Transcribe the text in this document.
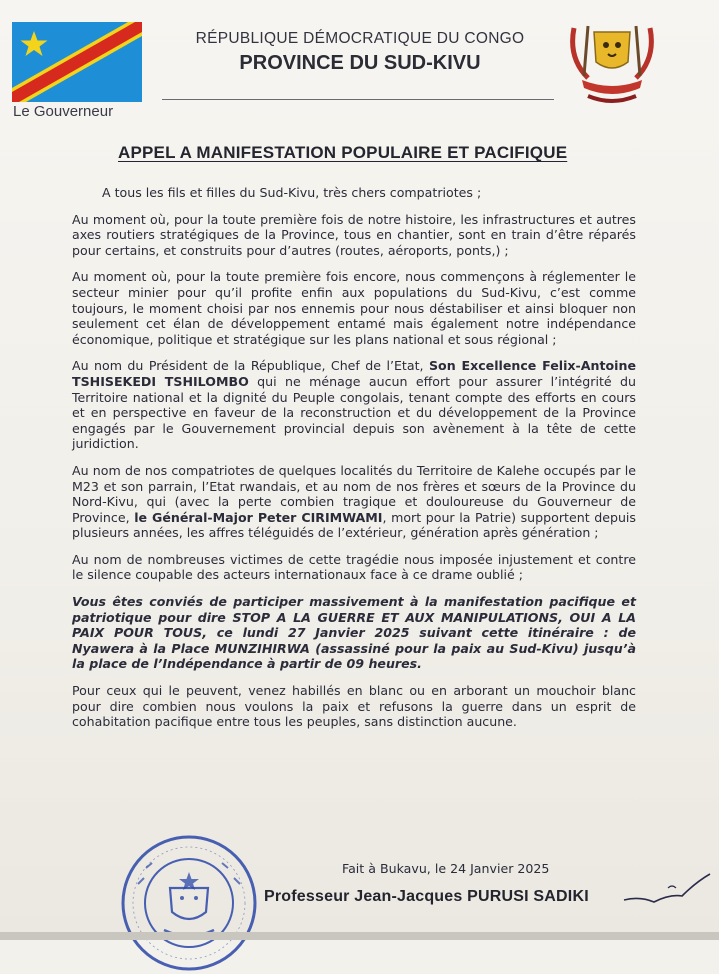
Le Gouverneur
RÉPUBLIQUE DÉMOCRATIQUE DU CONGO
PROVINCE DU SUD-KIVU
APPEL A MANIFESTATION POPULAIRE ET PACIFIQUE

A tous les fils et filles du Sud-Kivu, très chers compatriotes ;

Au moment où, pour la toute première fois de notre histoire, les infrastructures et autres axes routiers stratégiques de la Province, tous en chantier, sont en train d’être réparés pour certains, et construits pour d’autres (routes, aéroports, ponts,) ;

Au moment où, pour la toute première fois encore, nous commençons à réglementer le secteur minier pour qu’il profite enfin aux populations du Sud-Kivu, c’est comme toujours, le moment choisi par nos ennemis pour nous déstabiliser et ainsi bloquer non seulement cet élan de développement entamé mais également notre indépendance économique, politique et stratégique sur les plans national et sous régional ;

Au nom du Président de la République, Chef de l’Etat, Son Excellence Felix-Antoine TSHISEKEDI TSHILOMBO qui ne ménage aucun effort pour assurer l’intégrité du Territoire national et la dignité du Peuple congolais, tenant compte des efforts en cours et en perspective en faveur de la reconstruction et du développement de la Province engagés par le Gouvernement provincial depuis son avènement à la tête de cette juridiction.

Au nom de nos compatriotes de quelques localités du Territoire de Kalehe occupés par le M23 et son parrain, l’Etat rwandais, et au nom de nos frères et sœurs de la Province du Nord-Kivu, qui (avec la perte combien tragique et douloureuse du Gouverneur de Province, le Général-Major Peter CIRIMWAMI, mort pour la Patrie) supportent depuis plusieurs années, les affres téléguidés de l’extérieur, génération après génération ;

Au nom de nombreuses victimes de cette tragédie nous imposée injustement et contre le silence coupable des acteurs internationaux face à ce drame oublié ;

Vous êtes conviés de participer massivement à la manifestation pacifique et patriotique pour dire STOP A LA GUERRE ET AUX MANIPULATIONS, OUI A LA PAIX POUR TOUS, ce lundi 27 Janvier 2025 suivant cette itinéraire : de Nyawera à la Place MUNZIHIRWA (assassiné pour la paix au Sud-Kivu) jusqu’à la place de l’Indépendance à partir de 09 heures.

Pour ceux qui le peuvent, venez habillés en blanc ou en arborant un mouchoir blanc pour dire combien nous voulons la paix et refusons la guerre dans un esprit de cohabitation pacifique entre tous les peuples, sans distinction aucune.

Fait à Bukavu, le 24 Janvier 2025
Professeur Jean-Jacques PURUSI SADIKI
